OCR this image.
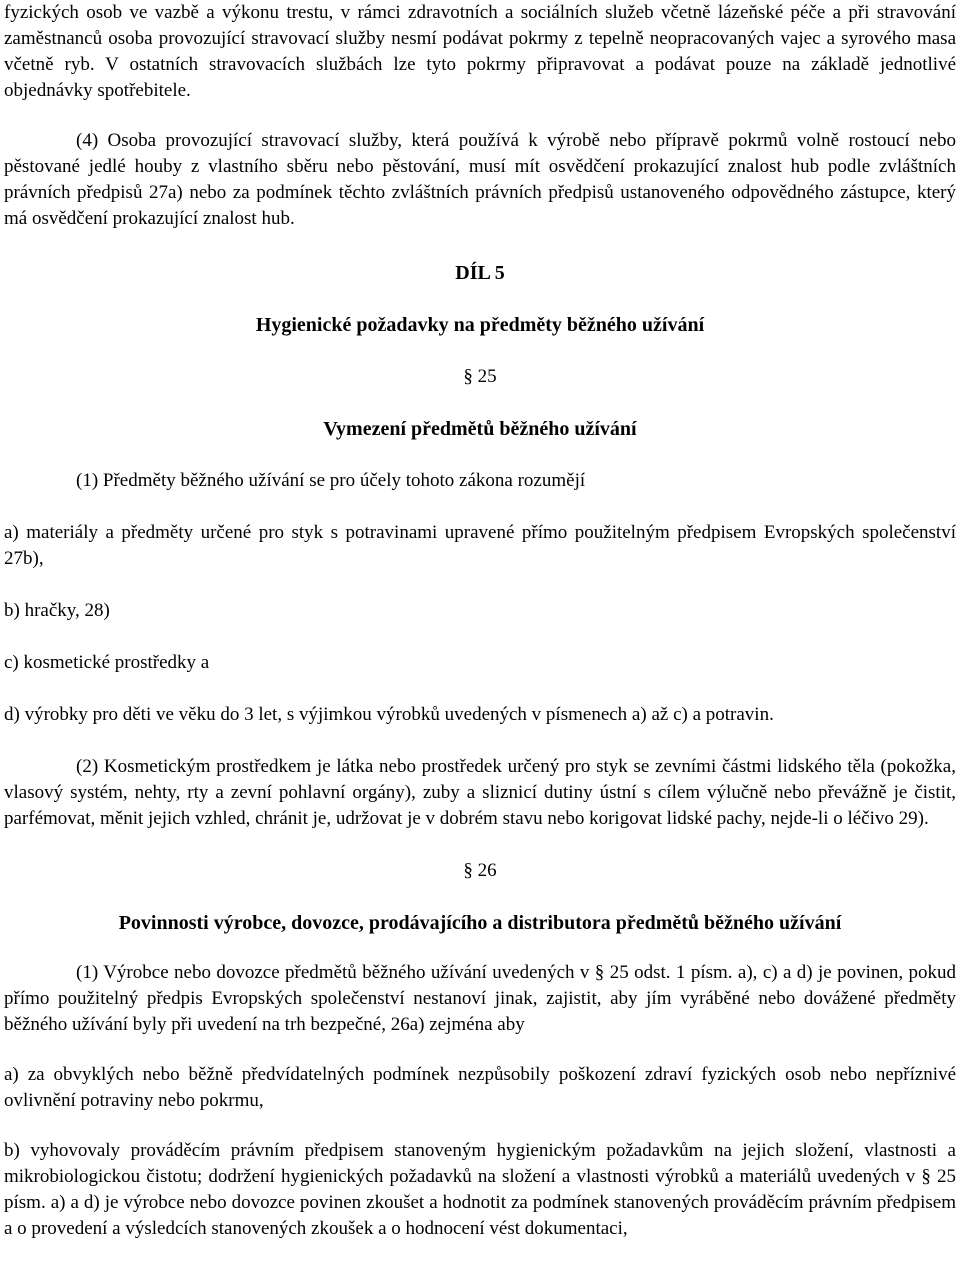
fyzických osob ve vazbě a výkonu trestu, v rámci zdravotních a sociálních služeb včetně lázeňské péče a při stravování zaměstnanců osoba provozující stravovací služby nesmí podávat pokrmy z tepelně neopracovaných vajec a syrového masa včetně ryb. V ostatních stravovacích službách lze tyto pokrmy připravovat a podávat pouze na základě jednotlivé objednávky spotřebitele.

(4) Osoba provozující stravovací služby, která používá k výrobě nebo přípravě pokrmů volně rostoucí nebo pěstované jedlé houby z vlastního sběru nebo pěstování, musí mít osvědčení prokazující znalost hub podle zvláštních právních předpisů 27a) nebo za podmínek těchto zvláštních právních předpisů ustanoveného odpovědného zástupce, který má osvědčení prokazující znalost hub.

DÍL 5

Hygienické požadavky na předměty běžného užívání

§ 25

Vymezení předmětů běžného užívání

(1) Předměty běžného užívání se pro účely tohoto zákona rozumějí

a) materiály a předměty určené pro styk s potravinami upravené přímo použitelným předpisem Evropských společenství 27b),

b) hračky, 28)

c) kosmetické prostředky a

d) výrobky pro děti ve věku do 3 let, s výjimkou výrobků uvedených v písmenech a) až c) a potravin.

(2) Kosmetickým prostředkem je látka nebo prostředek určený pro styk se zevními částmi lidského těla (pokožka, vlasový systém, nehty, rty a zevní pohlavní orgány), zuby a sliznicí dutiny ústní s cílem výlučně nebo převážně je čistit, parfémovat, měnit jejich vzhled, chránit je, udržovat je v dobrém stavu nebo korigovat lidské pachy, nejde-li o léčivo 29).

§ 26

Povinnosti výrobce, dovozce, prodávajícího a distributora předmětů běžného užívání

(1) Výrobce nebo dovozce předmětů běžného užívání uvedených v § 25 odst. 1 písm. a), c) a d) je povinen, pokud přímo použitelný předpis Evropských společenství nestanoví jinak, zajistit, aby jím vyráběné nebo dovážené předměty běžného užívání byly při uvedení na trh bezpečné, 26a) zejména aby

a) za obvyklých nebo běžně předvídatelných podmínek nezpůsobily poškození zdraví fyzických osob nebo nepříznivé ovlivnění potraviny nebo pokrmu,

b) vyhovovaly prováděcím právním předpisem stanoveným hygienickým požadavkům na jejich složení, vlastnosti a mikrobiologickou čistotu; dodržení hygienických požadavků na složení a vlastnosti výrobků a materiálů uvedených v § 25 písm. a) a d) je výrobce nebo dovozce povinen zkoušet a hodnotit za podmínek stanovených prováděcím právním předpisem a o provedení a výsledcích stanovených zkoušek a o hodnocení vést dokumentaci,
